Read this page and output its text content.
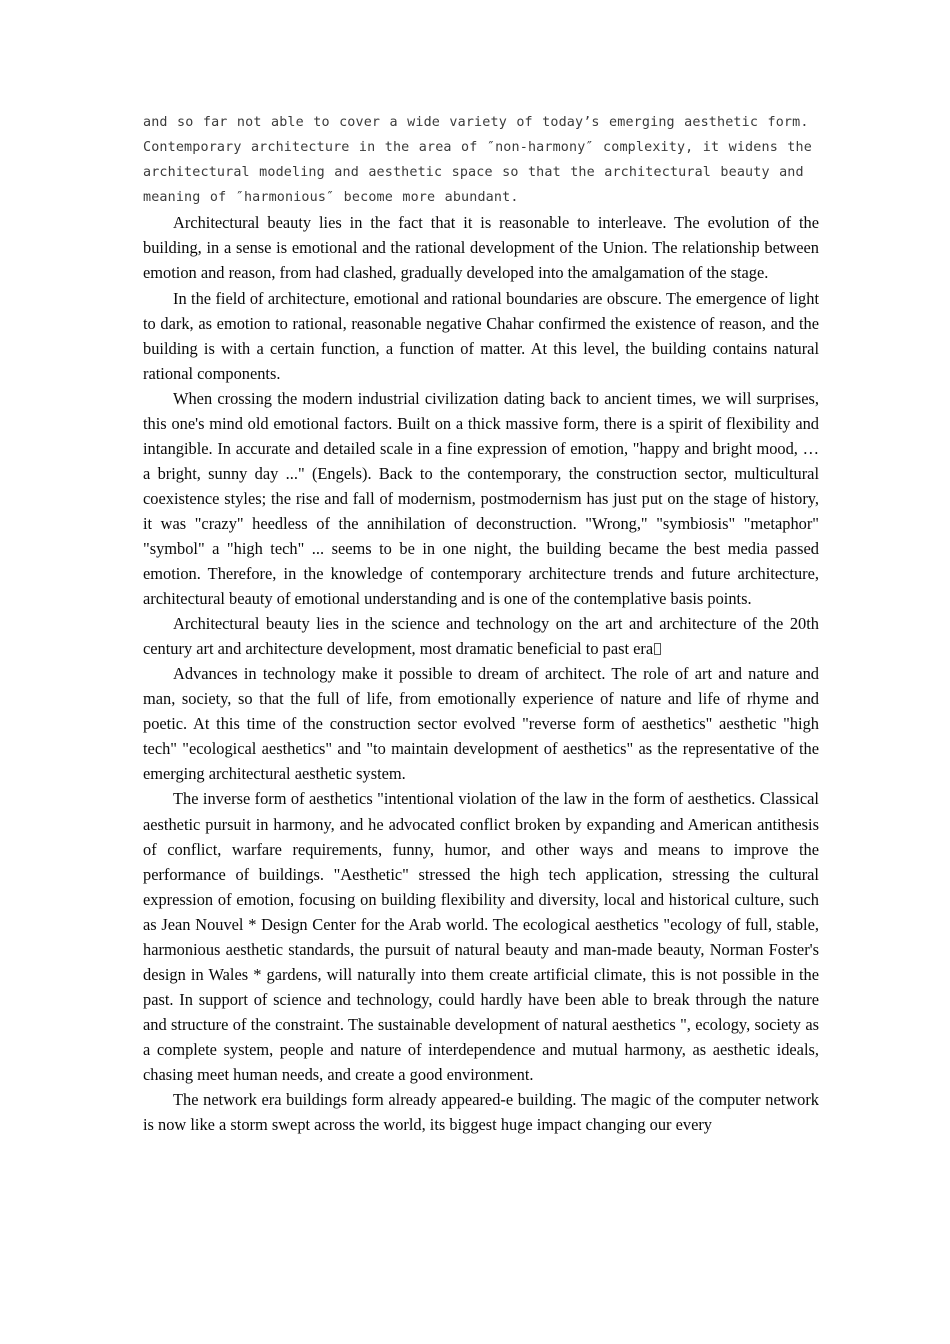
and so far not able to cover a wide variety of today’s emerging aesthetic form.
Contemporary architecture in the area of ″non-harmony″ complexity, it widens the
architectural modeling and aesthetic space so that the architectural beauty and
meaning of ″harmonious″ become more abundant.

Architectural beauty lies in the fact that it is reasonable to interleave. The evolution of the building, in a sense is emotional and the rational development of the Union. The relationship between emotion and reason, from had clashed, gradually developed into the amalgamation of the stage.

In the field of architecture, emotional and rational boundaries are obscure. The emergence of light to dark, as emotion to rational, reasonable negative Chahar confirmed the existence of reason, and the building is with a certain function, a function of matter. At this level, the building contains natural rational components.

When crossing the modern industrial civilization dating back to ancient times, we will surprises, this one's mind old emotional factors. Built on a thick massive form, there is a spirit of flexibility and intangible. In accurate and detailed scale in a fine expression of emotion, "happy and bright mood, … a bright, sunny day ..." (Engels). Back to the contemporary, the construction sector, multicultural coexistence styles; the rise and fall of modernism, postmodernism has just put on the stage of history, it was "crazy" heedless of the annihilation of deconstruction. "Wrong," "symbiosis" "metaphor" "symbol" a "high tech" ... seems to be in one night, the building became the best media passed emotion. Therefore, in the knowledge of contemporary architecture trends and future architecture, architectural beauty of emotional understanding and is one of the contemplative basis points.

Architectural beauty lies in the science and technology on the art and architecture of the 20th century art and architecture development, most dramatic beneficial to past era

Advances in technology make it possible to dream of architect. The role of art and nature and man, society, so that the full of life, from emotionally experience of nature and life of rhyme and poetic. At this time of the construction sector evolved "reverse form of aesthetics" aesthetic "high tech" "ecological aesthetics" and "to maintain development of aesthetics" as the representative of the emerging architectural aesthetic system.

The inverse form of aesthetics "intentional violation of the law in the form of aesthetics. Classical aesthetic pursuit in harmony, and he advocated conflict broken by expanding and American antithesis of conflict, warfare requirements, funny, humor, and other ways and means to improve the performance of buildings. "Aesthetic" stressed the high tech application, stressing the cultural expression of emotion, focusing on building flexibility and diversity, local and historical culture, such as Jean Nouvel * Design Center for the Arab world. The ecological aesthetics "ecology of full, stable, harmonious aesthetic standards, the pursuit of natural beauty and man-made beauty, Norman Foster's design in Wales * gardens, will naturally into them create artificial climate, this is not possible in the past. In support of science and technology, could hardly have been able to break through the nature and structure of the constraint. The sustainable development of natural aesthetics ", ecology, society as a complete system, people and nature of interdependence and mutual harmony, as aesthetic ideals, chasing meet human needs, and create a good environment.

The network era buildings form already appeared-e building. The magic of the computer network is now like a storm swept across the world, its biggest huge impact changing our every
